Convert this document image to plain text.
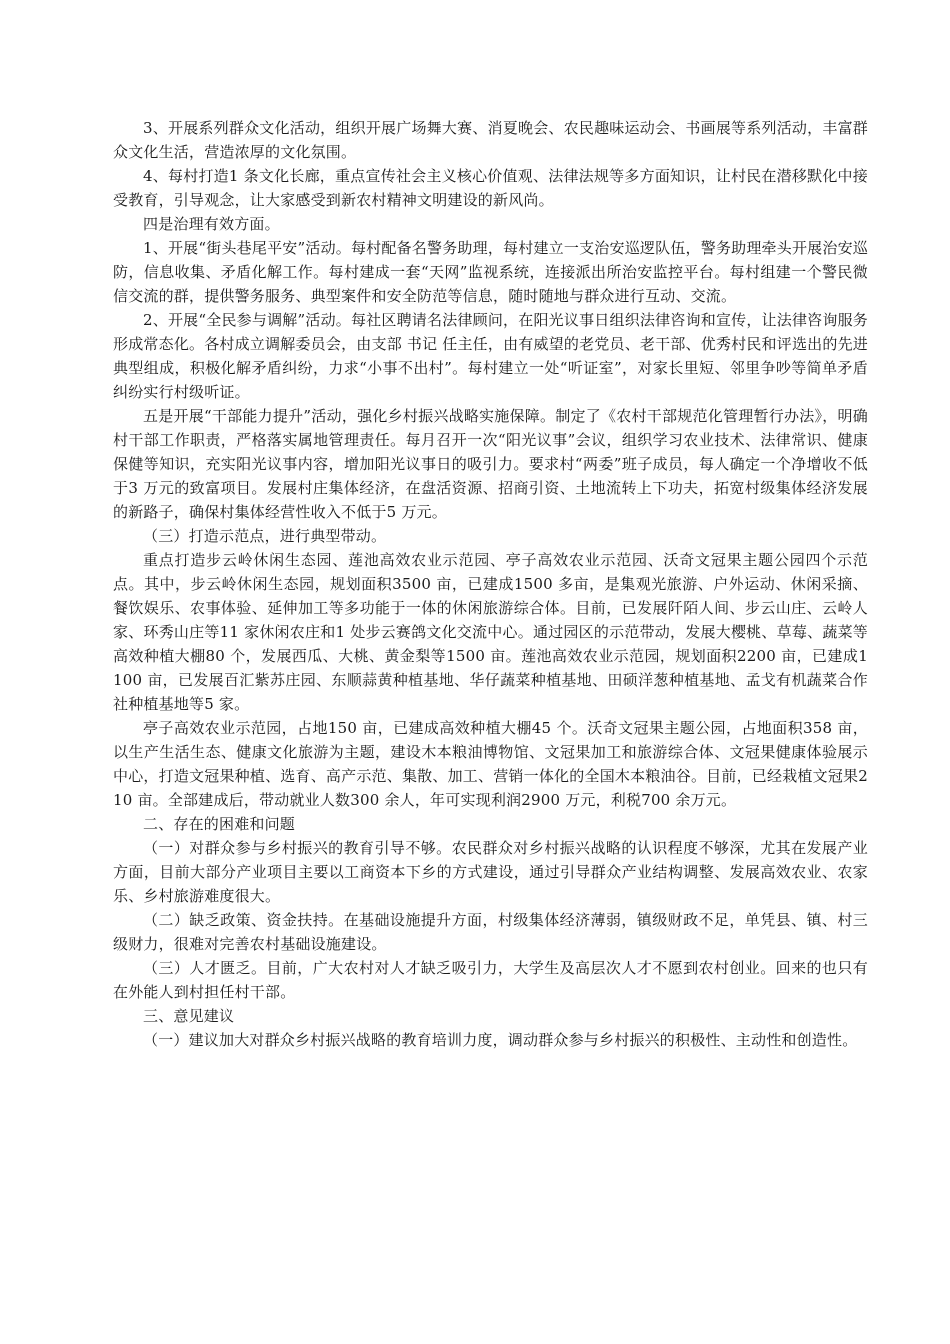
3、开展系列群众文化活动，组织开展广场舞大赛、消夏晚会、农民趣味运动会、书画展等系列活动，丰富群众文化生活，营造浓厚的文化氛围。

4、每村打造1 条文化长廊，重点宣传社会主义核心价值观、法律法规等多方面知识，让村民在潜移默化中接受教育，引导观念，让大家感受到新农村精神文明建设的新风尚。

四是治理有效方面。

1、开展“街头巷尾平安”活动。每村配备名警务助理，每村建立一支治安巡逻队伍，警务助理牵头开展治安巡防，信息收集、矛盾化解工作。每村建成一套“天网”监视系统，连接派出所治安监控平台。每村组建一个警民微信交流的群，提供警务服务、典型案件和安全防范等信息，随时随地与群众进行互动、交流。

2、开展“全民参与调解”活动。每社区聘请名法律顾问，在阳光议事日组织法律咨询和宣传，让法律咨询服务形成常态化。各村成立调解委员会，由支部 书记 任主任，由有威望的老党员、老干部、优秀村民和评选出的先进典型组成，积极化解矛盾纠纷，力求“小事不出村”。每村建立一处“听证室”，对家长里短、邻里争吵等简单矛盾纠纷实行村级听证。

五是开展“干部能力提升”活动，强化乡村振兴战略实施保障。制定了《农村干部规范化管理暂行办法》，明确村干部工作职责，严格落实属地管理责任。每月召开一次“阳光议事”会议，组织学习农业技术、法律常识、健康保健等知识，充实阳光议事内容，增加阳光议事日的吸引力。要求村“两委”班子成员，每人确定一个净增收不低于3 万元的致富项目。发展村庄集体经济，在盘活资源、招商引资、土地流转上下功夫，拓宽村级集体经济发展的新路子，确保村集体经营性收入不低于5 万元。

（三）打造示范点，进行典型带动。

重点打造步云岭休闲生态园、莲池高效农业示范园、亭子高效农业示范园、沃奇文冠果主题公园四个示范点。其中，步云岭休闲生态园，规划面积3500 亩，已建成1500 多亩，是集观光旅游、户外运动、休闲采摘、餐饮娱乐、农事体验、延伸加工等多功能于一体的休闲旅游综合体。目前，已发展阡陌人间、步云山庄、云岭人家、环秀山庄等11 家休闲农庄和1 处步云赛鸽文化交流中心。通过园区的示范带动，发展大樱桃、草莓、蔬菜等高效种植大棚80 个，发展西瓜、大桃、黄金梨等1500 亩。莲池高效农业示范园，规划面积2200 亩，已建成1100 亩，已发展百汇紫苏庄园、东顺蒜黄种植基地、华仔蔬菜种植基地、田硕洋葱种植基地、孟戈有机蔬菜合作社种植基地等5 家。

亭子高效农业示范园，占地150 亩，已建成高效种植大棚45 个。沃奇文冠果主题公园，占地面积358 亩，以生产生活生态、健康文化旅游为主题，建设木本粮油博物馆、文冠果加工和旅游综合体、文冠果健康体验展示中心，打造文冠果种植、选育、高产示范、集散、加工、营销一体化的全国木本粮油谷。目前，已经栽植文冠果210 亩。全部建成后，带动就业人数300 余人，年可实现利润2900 万元，利税700 余万元。

二、存在的困难和问题

（一）对群众参与乡村振兴的教育引导不够。农民群众对乡村振兴战略的认识程度不够深，尤其在发展产业方面，目前大部分产业项目主要以工商资本下乡的方式建设，通过引导群众产业结构调整、发展高效农业、农家乐、乡村旅游难度很大。

（二）缺乏政策、资金扶持。在基础设施提升方面，村级集体经济薄弱，镇级财政不足，单凭县、镇、村三级财力，很难对完善农村基础设施建设。

（三）人才匮乏。目前，广大农村对人才缺乏吸引力，大学生及高层次人才不愿到农村创业。回来的也只有在外能人到村担任村干部。

三、意见建议

（一）建议加大对群众乡村振兴战略的教育培训力度，调动群众参与乡村振兴的积极性、主动性和创造性。
